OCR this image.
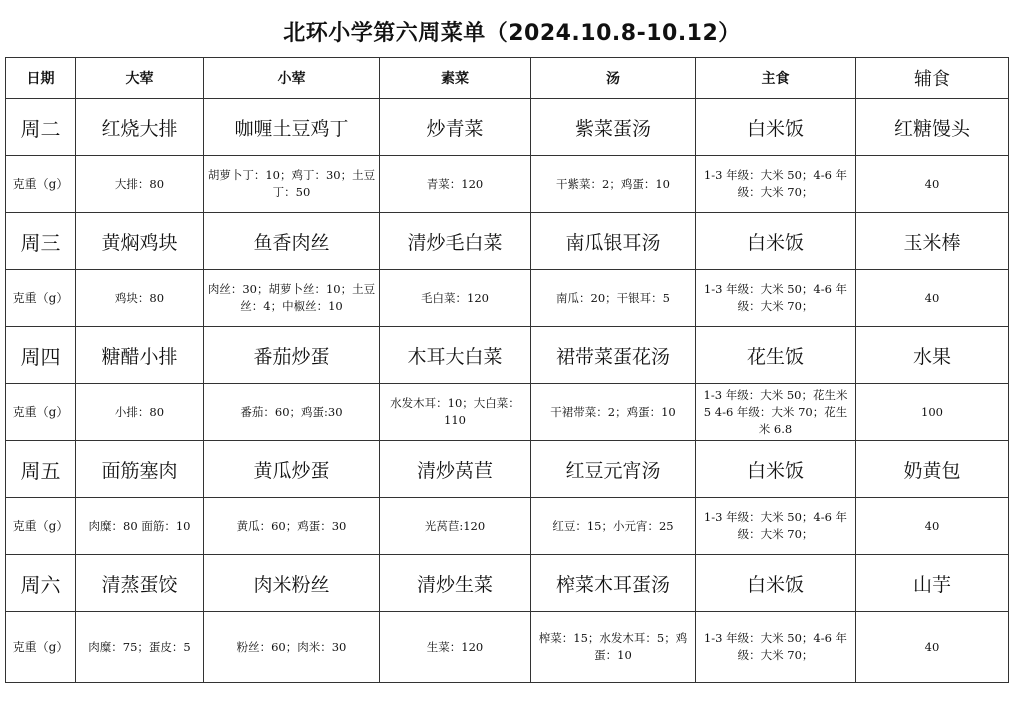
北环小学第六周菜单（2024.10.8-10.12）
日期	大荤	小荤	素菜	汤	主食	辅食
周二	红烧大排	咖喱土豆鸡丁	炒青菜	紫菜蛋汤	白米饭	红糖馒头
克重（g）	大排：80	胡萝卜丁：10；鸡丁：30；土豆丁：50	青菜：120	干紫菜：2；鸡蛋：10	1-3 年级：大米 50；4-6 年级：大米 70；	40
周三	黄焖鸡块	鱼香肉丝	清炒毛白菜	南瓜银耳汤	白米饭	玉米棒
克重（g）	鸡块：80	肉丝：30；胡萝卜丝：10；土豆丝：4；中椒丝：10	毛白菜：120	南瓜：20；干银耳：5	1-3 年级：大米 50；4-6 年级：大米 70；	40
周四	糖醋小排	番茄炒蛋	木耳大白菜	裙带菜蛋花汤	花生饭	水果
克重（g）	小排：80	番茄：60；鸡蛋:30	水发木耳：10；大白菜：110	干裙带菜：2；鸡蛋：10	1-3 年级：大米 50；花生米 5 4-6 年级：大米 70；花生米 6.8	100
周五	面筋塞肉	黄瓜炒蛋	清炒莴苣	红豆元宵汤	白米饭	奶黄包
克重（g）	肉糜：80 面筋：10	黄瓜：60；鸡蛋：30	光莴苣:120	红豆：15；小元宵：25	1-3 年级：大米 50；4-6 年级：大米 70；	40
周六	清蒸蛋饺	肉米粉丝	清炒生菜	榨菜木耳蛋汤	白米饭	山芋
克重（g）	肉糜：75；蛋皮：5	粉丝：60；肉米：30	生菜：120	榨菜：15；水发木耳：5；鸡蛋：10	1-3 年级：大米 50；4-6 年级：大米 70；	40
